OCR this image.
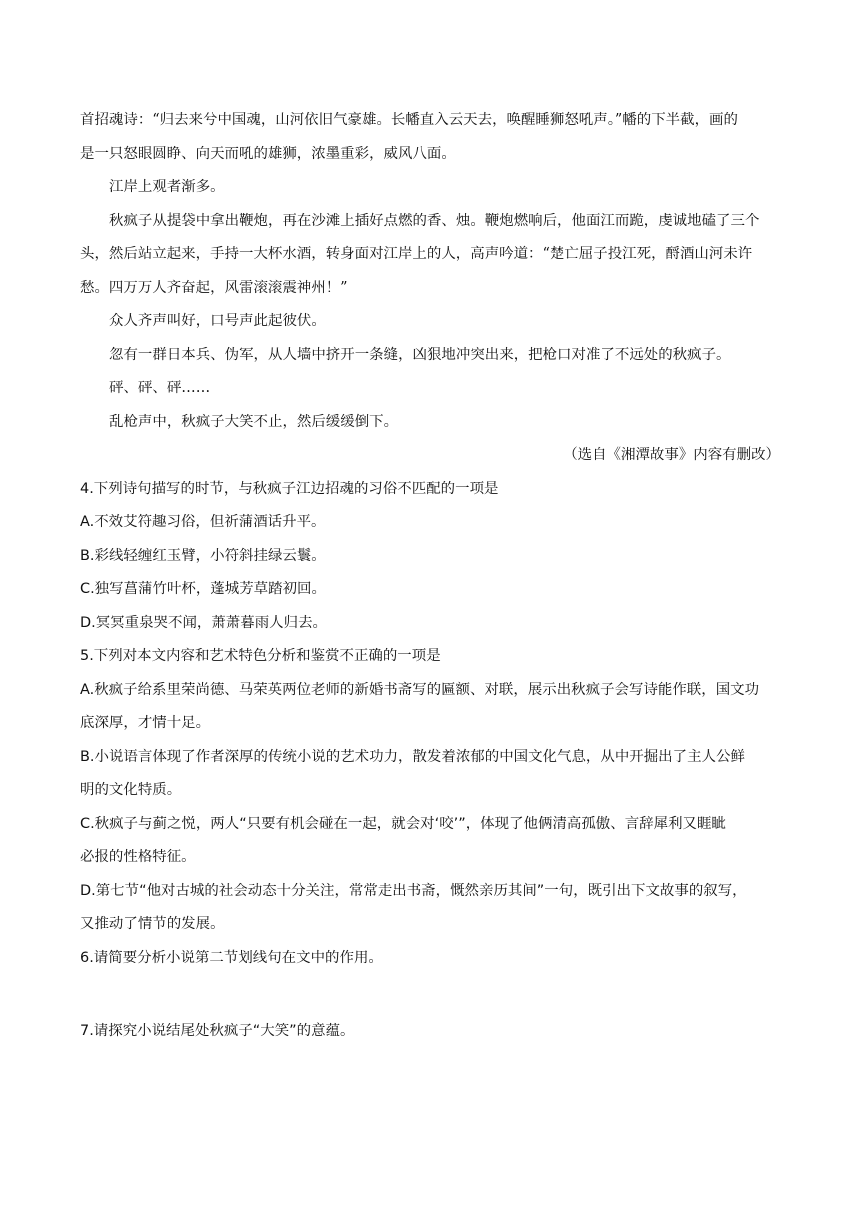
首招魂诗：“归去来兮中国魂，山河依旧气豪雄。长幡直入云天去，唤醒睡狮怒吼声。”幡的下半截，画的
是一只怒眼圆睁、向天而吼的雄狮，浓墨重彩，威风八面。
江岸上观者渐多。
秋疯子从提袋中拿出鞭炮，再在沙滩上插好点燃的香、烛。鞭炮燃响后，他面江而跪，虔诚地磕了三个
头，然后站立起来，手持一大杯水酒，转身面对江岸上的人，高声吟道：“楚亡屈子投江死，酹酒山河未许
愁。四万万人齐奋起，风雷滚滚震神州！”
众人齐声叫好，口号声此起彼伏。
忽有一群日本兵、伪军，从人墙中挤开一条缝，凶狠地冲突出来，把枪口对准了不远处的秋疯子。
砰、砰、砰……
乱枪声中，秋疯子大笑不止，然后缓缓倒下。
（选自《湘潭故事》内容有删改）
4.下列诗句描写的时节，与秋疯子江边招魂的习俗不匹配的一项是
A.不效艾符趣习俗，但祈蒲酒话升平。
B.彩线轻缠红玉臂，小符斜挂绿云鬟。
C.独写菖蒲竹叶杯，蓬城芳草踏初回。
D.冥冥重泉哭不闻，萧萧暮雨人归去。
5.下列对本文内容和艺术特色分析和鉴赏不正确的一项是
A.秋疯子给系里荣尚德、马荣英两位老师的新婚书斋写的匾额、对联，展示出秋疯子会写诗能作联，国文功
底深厚，才情十足。
B.小说语言体现了作者深厚的传统小说的艺术功力，散发着浓郁的中国文化气息，从中开掘出了主人公鲜
明的文化特质。
C.秋疯子与蓟之悦，两人“只要有机会碰在一起，就会对‘咬’”，体现了他俩清高孤傲、言辞犀利又睚眦
必报的性格特征。
D.第七节“他对古城的社会动态十分关注，常常走出书斋，慨然亲历其间”一句，既引出下文故事的叙写，
又推动了情节的发展。
6.请简要分析小说第二节划线句在文中的作用。
7.请探究小说结尾处秋疯子“大笑”的意蕴。
